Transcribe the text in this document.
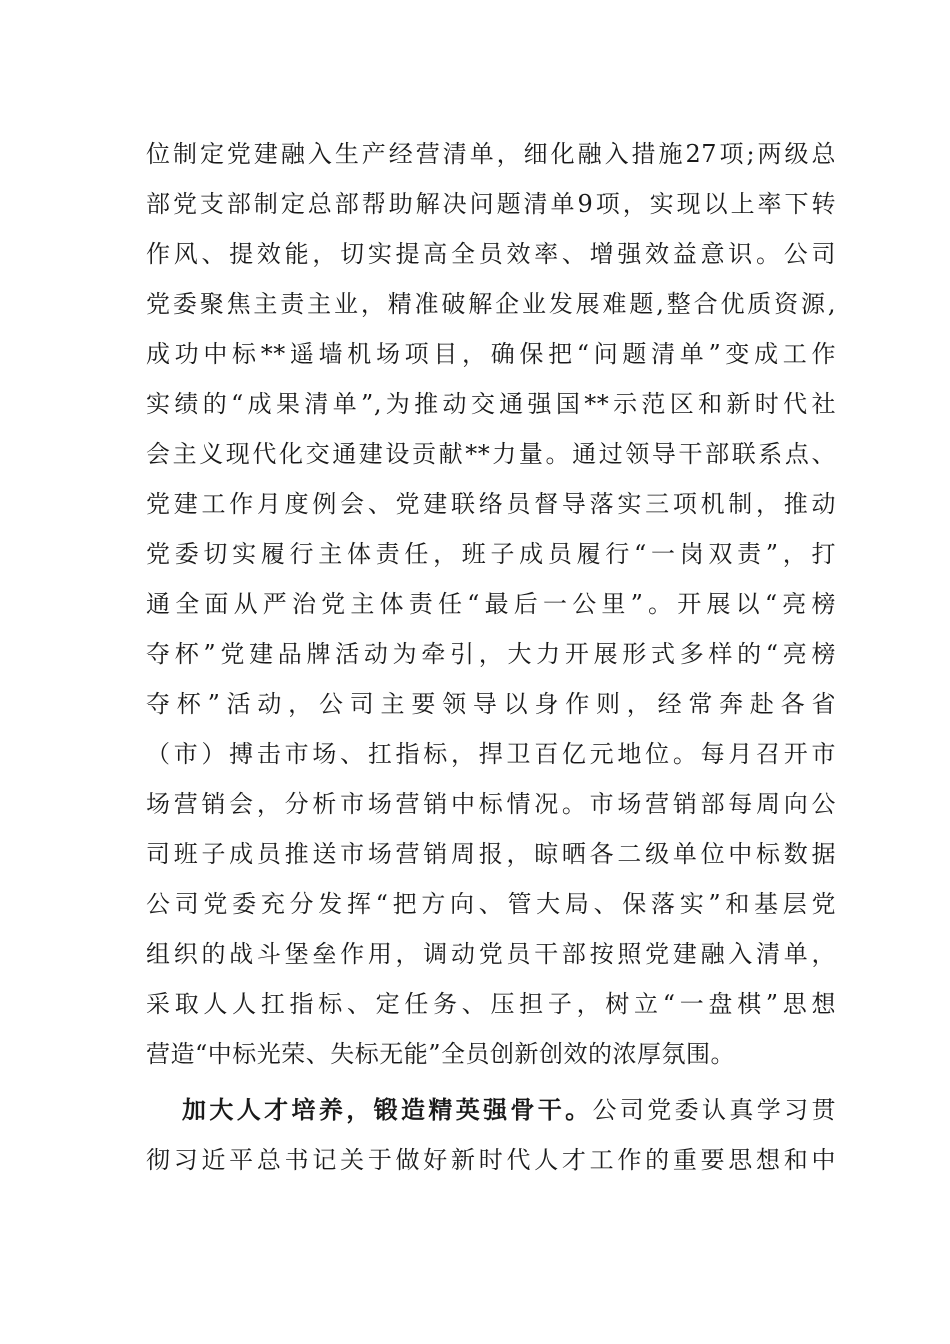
位制定党建融入生产经营清单，细化融入措施27项;两级总
部党支部制定总部帮助解决问题清单9项，实现以上率下转
作风、提效能，切实提高全员效率、增强效益意识。公司
党委聚焦主责主业，精准破解企业发展难题,整合优质资源,
成功中标**遥墙机场项目，确保把“问题清单”变成工作
实绩的“成果清单”,为推动交通强国**示范区和新时代社
会主义现代化交通建设贡献**力量。通过领导干部联系点、
党建工作月度例会、党建联络员督导落实三项机制，推动
党委切实履行主体责任，班子成员履行“一岗双责”，打
通全面从严治党主体责任“最后一公里”。开展以“亮榜
夺杯”党建品牌活动为牵引，大力开展形式多样的“亮榜
夺杯”活动，公司主要领导以身作则，经常奔赴各省
（市）搏击市场、扛指标，捍卫百亿元地位。每月召开市
场营销会，分析市场营销中标情况。市场营销部每周向公
司班子成员推送市场营销周报，晾晒各二级单位中标数据
公司党委充分发挥“把方向、管大局、保落实”和基层党
组织的战斗堡垒作用，调动党员干部按照党建融入清单，
采取人人扛指标、定任务、压担子，树立“一盘棋”思想
营造“中标光荣、失标无能”全员创新创效的浓厚氛围。
加大人才培养，锻造精英强骨干。公司党委认真学习贯
彻习近平总书记关于做好新时代人才工作的重要思想和中
